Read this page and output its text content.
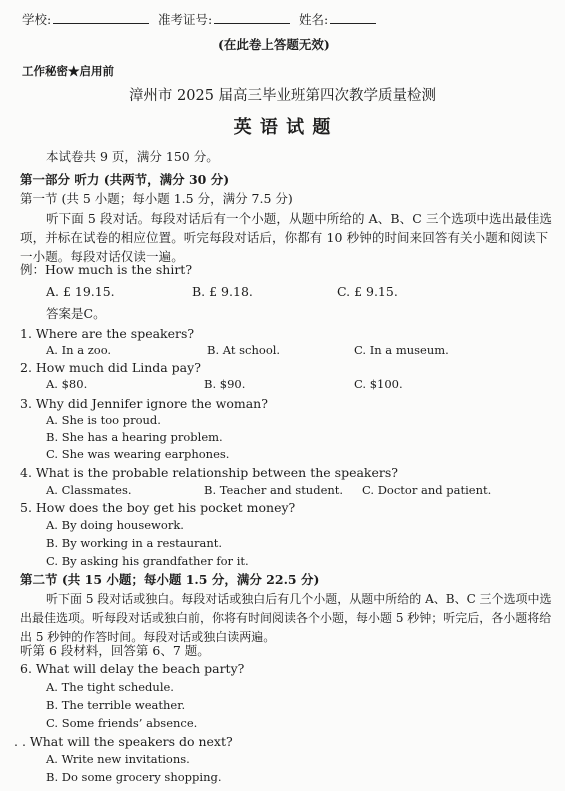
学校:	准考证号:	姓名:
(在此卷上答题无效)
工作秘密★启用前
漳州市 2025 届高三毕业班第四次教学质量检测
英 语 试 题
本试卷共 9 页，满分 150 分。
第一部分 听力 (共两节，满分 30 分)
第一节 (共 5 小题；每小题 1.5 分，满分 7.5 分)
听下面 5 段对话。每段对话后有一个小题，从题中所给的 A、B、C 三个选项中选出最佳选项，并标在试卷的相应位置。听完每段对话后，你都有 10 秒钟的时间来回答有关小题和阅读下一小题。每段对话仅读一遍。
例：How much is the shirt?
A. £ 19.15.	B. £ 9.18.	C. £ 9.15.
答案是C。
1. Where are the speakers?
A. In a zoo.	B. At school.	C. In a museum.
2. How much did Linda pay?
A. $80.	B. $90.	C. $100.
3. Why did Jennifer ignore the woman?
A. She is too proud.
B. She has a hearing problem.
C. She was wearing earphones.
4. What is the probable relationship between the speakers?
A. Classmates.	B. Teacher and student. C. Doctor and patient.
5. How does the boy get his pocket money?
A. By doing housework.
B. By working in a restaurant.
C. By asking his grandfather for it.
第二节 (共 15 小题；每小题 1.5 分，满分 22.5 分)
听下面 5 段对话或独白。每段对话或独白后有几个小题，从题中所给的 A、B、C 三个选项中选出最佳选项。听每段对话或独白前，你将有时间阅读各个小题，每小题 5 秒钟；听完后，各小题将给出 5 秒钟的作答时间。每段对话或独白读两遍。
听第 6 段材料，回答第 6、7 题。
6. What will delay the beach party?
A. The tight schedule.
B. The terrible weather.
C. Some friends’ absence.
. . What will the speakers do next?
A. Write new invitations.
B. Do some grocery shopping.
